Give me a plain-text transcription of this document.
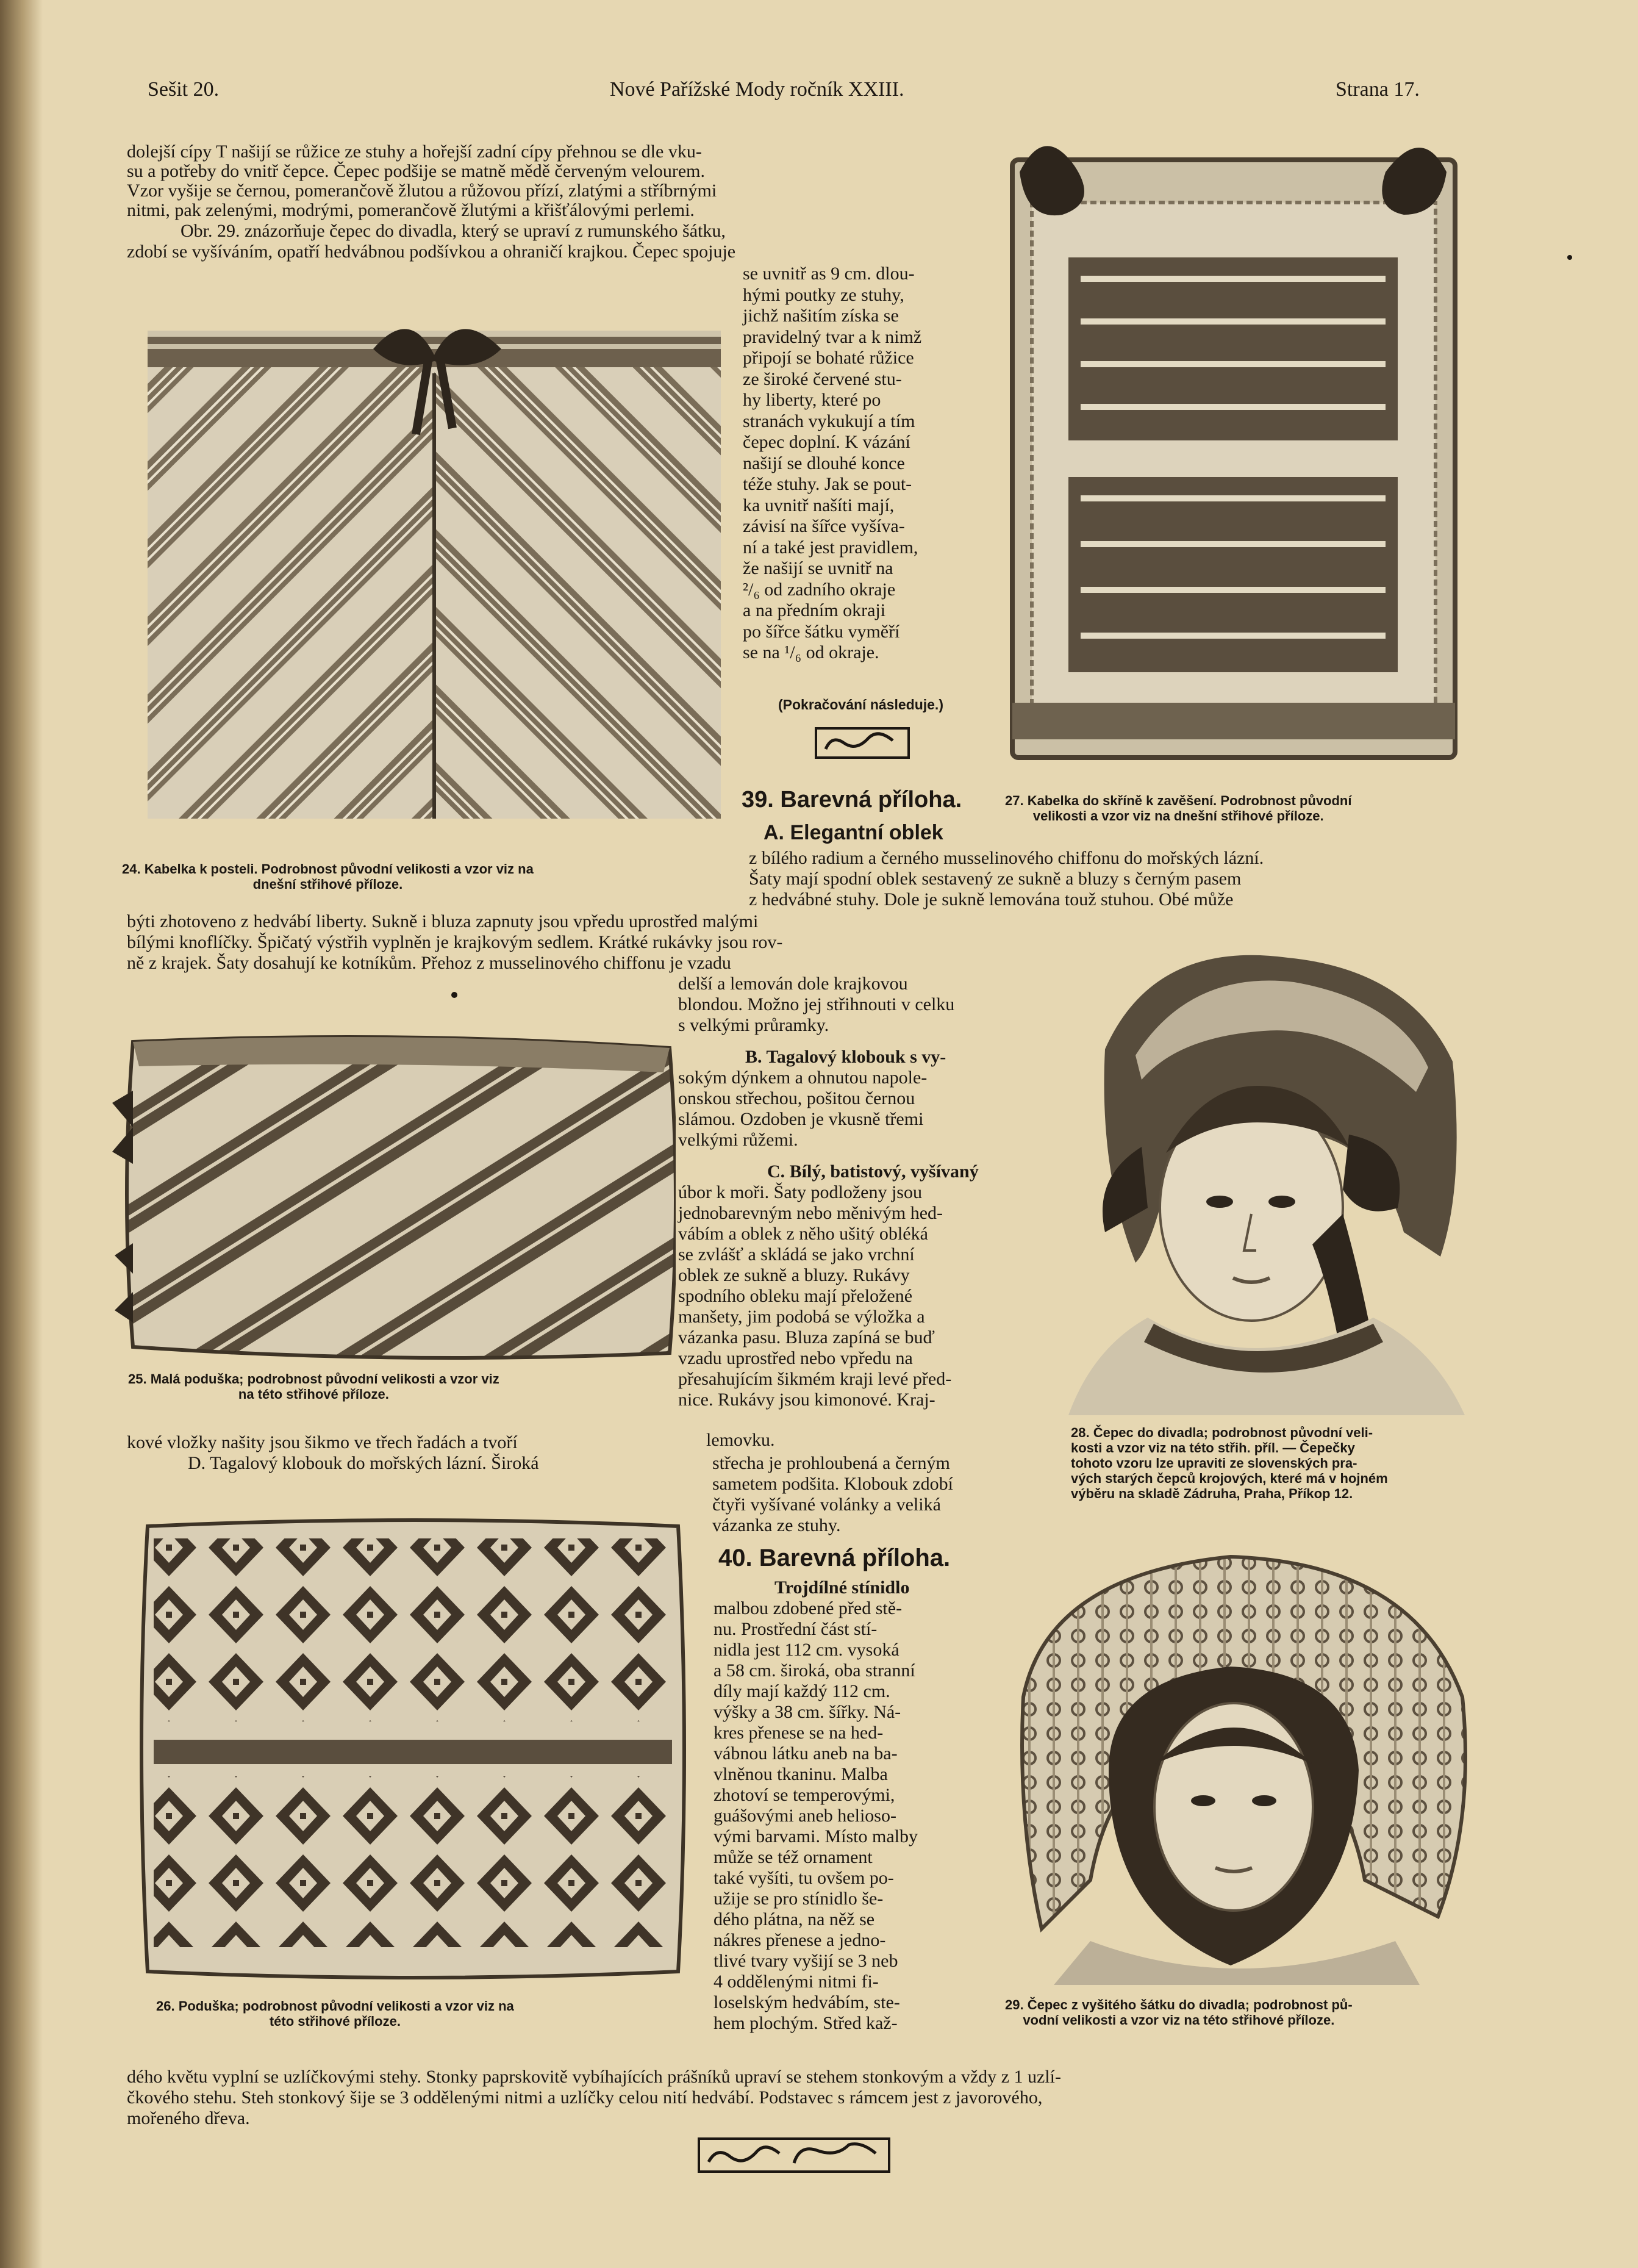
Sešit 20.	Nové Pařížské Mody ročník XXIII.	Strana 17.
dolejší cípy T našijí se růžice ze stuhy a hořejší zadní cípy přehnou se dle vku-
su a potřeby do vnitř čepce. Čepec podšije se matně mědě červeným velourem.
Vzor vyšije se černou, pomerančově žlutou a růžovou přízí, zlatými a stříbrnými
nitmi, pak zelenými, modrými, pomerančově žlutými a křišťálovými perlemi.
Obr. 29. znázorňuje čepec do divadla, který se upraví z rumunského šátku,
zdobí se vyšíváním, opatří hedvábnou podšívkou a ohraničí krajkou. Čepec spojuje
se uvnitř as 9 cm. dlou-
hými poutky ze stuhy,
jichž našitím získa se
pravidelný tvar a k nimž
připojí se bohaté růžice
ze široké červené stu-
hy liberty, které po
stranách vykukují a tím
čepec doplní. K vázání
našijí se dlouhé konce
téže stuhy. Jak se pout-
ka uvnitř našíti mají,
závisí na šířce vyšíva-
ní a také jest pravidlem,
že našijí se uvnitř na
²/₆ od zadního okraje
a na předním okraji
po šířce šátku vyměří
se na ¹/₆ od okraje.
(Pokračování následuje.)
24. Kabelka k posteli. Podrobnost původní velikosti a vzor viz na
dnešní střihové příloze.
27. Kabelka do skříně k zavěšení. Podrobnost původní
velikosti a vzor viz na dnešní střihové příloze.
39. Barevná příloha.
A. Elegantní oblek
z bílého radium a černého musselinového chiffonu do mořských lázní.
Šaty mají spodní oblek sestavený ze sukně a bluzy s černým pasem
z hedvábné stuhy. Dole je sukně lemována touž stuhou. Obé může
býti zhotoveno z hedvábí liberty. Sukně i bluza zapnuty jsou vpředu uprostřed malými
bílými knoflíčky. Špičatý výstřih vyplněn je krajkovým sedlem. Krátké rukávky jsou rov-
ně z krajek. Šaty dosahují ke kotníkům. Přehoz z musselinového chiffonu je vzadu
delší a lemován dole krajkovou
blondou. Možno jej střihnouti v celku
s velkými průramky.
B. Tagalový klobouk s vy-
sokým dýnkem a ohnutou napole-
onskou střechou, pošitou černou
slámou. Ozdoben je vkusně třemi
velkými růžemi.
C. Bílý, batistový, vyšívaný
úbor k moři. Šaty podloženy jsou
jednobarevným nebo měnivým hed-
vábím a oblek z něho ušitý obléká
se zvlášť a skládá se jako vrchní
oblek ze sukně a bluzy. Rukávy
spodního obleku mají přeložené
manšety, jim podobá se výložka a
vázanka pasu. Bluza zapíná se buď
vzadu uprostřed nebo vpředu na
přesahujícím šikmém kraji levé před-
nice. Rukávy jsou kimonové. Kraj-
kové vložky našity jsou šikmo ve třech řadách a tvoří	lemovku.
D. Tagalový klobouk do mořských lázní. Široká	střecha je prohloubená a černým
sametem podšita. Klobouk zdobí
čtyři vyšívané volánky a veliká
vázanka ze stuhy.
25. Malá poduška; podrobnost původní velikosti a vzor viz
na této střihové příloze.
28. Čepec do divadla; podrobnost původní veli-
kosti a vzor viz na této střih. příl. — Čepečky
tohoto vzoru lze upraviti ze slovenských pra-
vých starých čepců krojových, které má v hojném
výběru na skladě Zádruha, Praha, Příkop 12.
26. Poduška; podrobnost původní velikosti a vzor viz na
této střihové příloze.
40. Barevná příloha.
Trojdílné stínidlo
malbou zdobené před stě-
nu. Prostřední část stí-
nidla jest 112 cm. vysoká
a 58 cm. široká, oba stranní
díly mají každý 112 cm.
výšky a 38 cm. šířky. Ná-
kres přenese se na hed-
vábnou látku aneb na ba-
vlněnou tkaninu. Malba
zhotoví se temperovými,
guášovými aneb helioso-
vými barvami. Místo malby
může se též ornament
také vyšíti, tu ovšem po-
užije se pro stínidlo še-
dého plátna, na něž se
nákres přenese a jedno-
tlivé tvary vyšijí se 3 neb
4 oddělenými nitmi fi-
loselským hedvábím, ste-
hem plochým. Střed kaž-
29. Čepec z vyšitého šátku do divadla; podrobnost pů-
vodní velikosti a vzor viz na této střihové příloze.
dého květu vyplní se uzlíčkovými stehy. Stonky paprskovitě vybíhajících prášníků upraví se stehem stonkovým a vždy z 1 uzlí-
čkového stehu. Steh stonkový šije se 3 oddělenými nitmi a uzlíčky celou nití hedvábí. Podstavec s rámcem jest z javorového,
mořeného dřeva.
